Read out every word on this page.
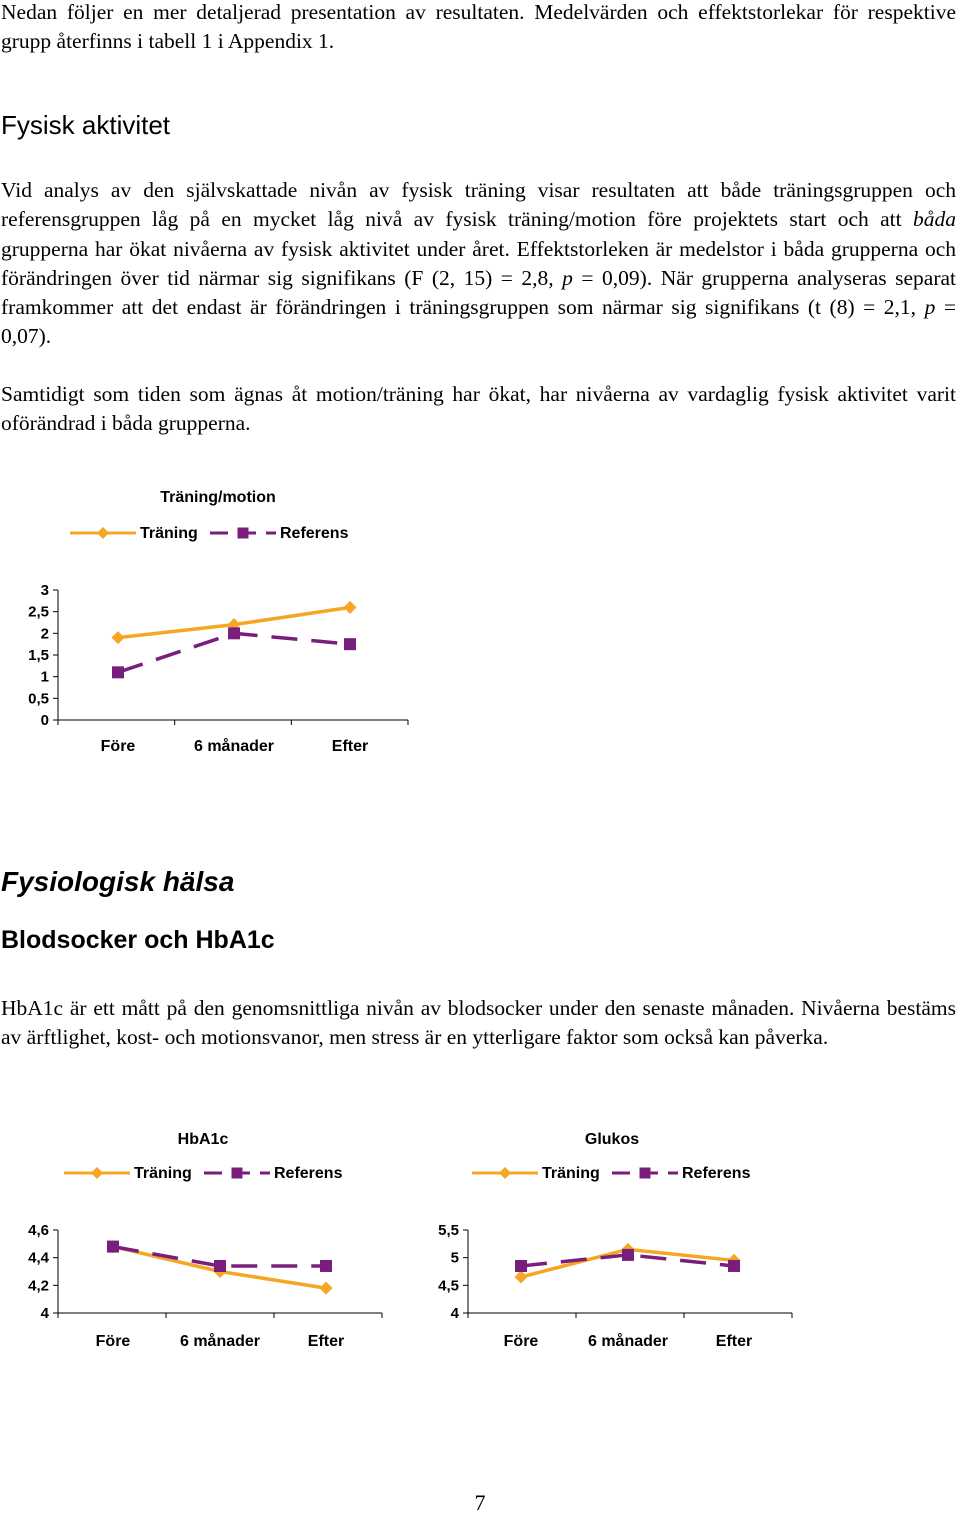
Nedan följer en mer detaljerad presentation av resultaten. Medelvärden och effektstorlekar för respektive grupp återfinns i tabell 1 i Appendix 1.

Fysisk aktivitet

Vid analys av den självskattade nivån av fysisk träning visar resultaten att både träningsgruppen och referensgruppen låg på en mycket låg nivå av fysisk träning/motion före projektets start och att båda grupperna har ökat nivåerna av fysisk aktivitet under året. Effektstorleken är medelstor i båda grupperna och förändringen över tid närmar sig signifikans (F (2, 15) = 2,8, p = 0,09). När grupperna analyseras separat framkommer att det endast är förändringen i träningsgruppen som närmar sig signifikans (t (8) = 2,1, p = 0,07).

Samtidigt som tiden som ägnas åt motion/träning har ökat, har nivåerna av vardaglig fysisk aktivitet varit oförändrad i båda grupperna.

Träning/motion
Träning	Referens
3
2,5
2
1,5
1
0,5
0
Före	6 månader	Efter
Fysiologisk hälsa
Blodsocker och HbA1c

HbA1c är ett mått på den genomsnittliga nivån av blodsocker under den senaste månaden. Nivåerna bestäms av ärftlighet, kost- och motionsvanor, men stress är en ytterligare faktor som också kan påverka.

HbA1c
Träning	Referens
4,6
4,4
4,2
4
Före	6 månader	Efter
Glukos
Träning	Referens
5,5
5
4,5
4
Före	6 månader	Efter
7
